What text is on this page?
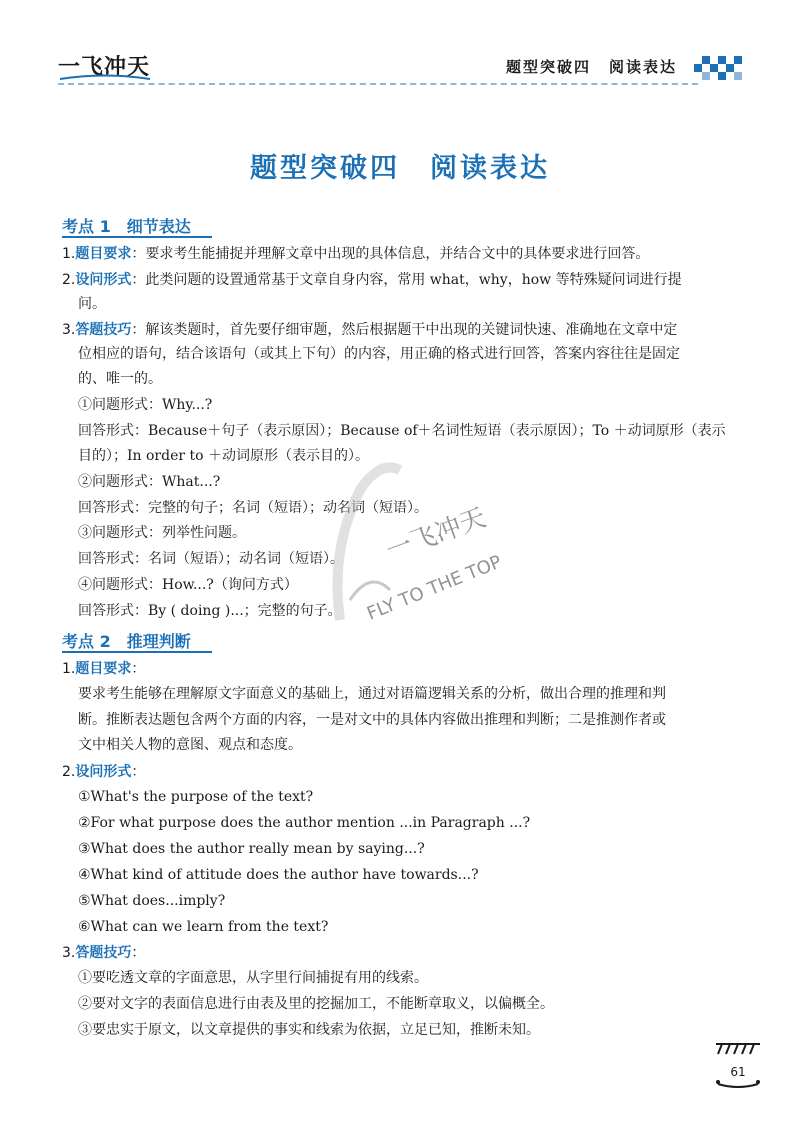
一飞冲天	题型突破四 阅读表达
题型突破四　阅读表达
考点 1　细节表达
1.题目要求：要求考生能捕捉并理解文章中出现的具体信息，并结合文中的具体要求进行回答。
2.设问形式：此类问题的设置通常基于文章自身内容，常用 what，why，how 等特殊疑问词进行提
问。
3.答题技巧：解该类题时，首先要仔细审题，然后根据题干中出现的关键词快速、准确地在文章中定
位相应的语句，结合该语句（或其上下句）的内容，用正确的格式进行回答，答案内容往往是固定
的、唯一的。
①问题形式：Why...?
回答形式：Because＋句子（表示原因）；Because of＋名词性短语（表示原因）；To ＋动词原形（表示
目的）；In order to ＋动词原形（表示目的）。
②问题形式：What...?
回答形式：完整的句子；名词（短语）；动名词（短语）。
③问题形式：列举性问题。
回答形式：名词（短语）；动名词（短语）。
④问题形式：How...?（询问方式）
回答形式：By ( doing )...；完整的句子。
一飞冲天
FLY TO THE TOP
考点 2　推理判断
1.题目要求：
要求考生能够在理解原文字面意义的基础上，通过对语篇逻辑关系的分析，做出合理的推理和判
断。推断表达题包含两个方面的内容，一是对文中的具体内容做出推理和判断；二是推测作者或
文中相关人物的意图、观点和态度。
2.设问形式：
①What's the purpose of the text?
②For what purpose does the author mention ...in Paragraph ...?
③What does the author really mean by saying...?
④What kind of attitude does the author have towards...?
⑤What does...imply?
⑥What can we learn from the text?
3.答题技巧：
①要吃透文章的字面意思，从字里行间捕捉有用的线索。
②要对文字的表面信息进行由表及里的挖掘加工，不能断章取义，以偏概全。
③要忠实于原文，以文章提供的事实和线索为依据，立足已知，推断未知。
61
